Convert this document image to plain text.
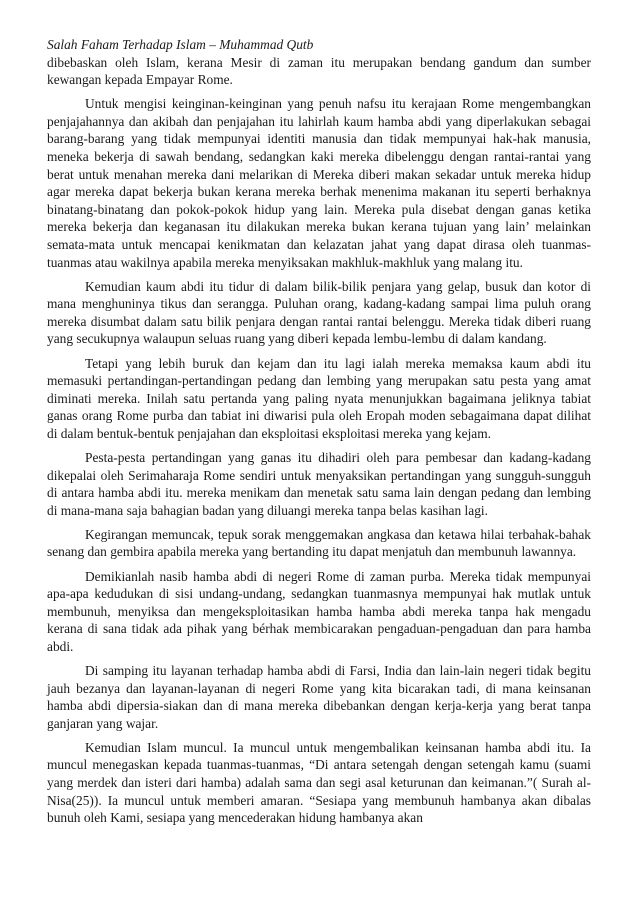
Salah Faham Terhadap Islam – Muhammad Qutb

dibebaskan oleh Islam, kerana Mesir di zaman itu merupakan bendang gandum dan sumber kewangan kepada Empayar Rome.

Untuk mengisi keinginan-keinginan yang penuh nafsu itu kerajaan Rome mengembangkan penjajahannya dan akibah dan penjajahan itu lahirlah kaum hamba abdi yang diperlakukan sebagai barang-barang yang tidak mempunyai identiti manusia dan tidak mempunyai hak-hak manusia, meneka bekerja di sawah bendang, sedangkan kaki mereka dibelenggu dengan rantai-rantai yang berat untuk menahan mereka dani melarikan di Mereka diberi makan sekadar untuk mereka hidup agar mereka dapat bekerja bukan kerana mereka berhak menenima makanan itu seperti berhaknya binatang-binatang dan pokok-pokok hidup yang lain. Mereka pula disebat dengan ganas ketika mereka bekerja dan keganasan itu dilakukan mereka bukan kerana tujuan yang lain’ melainkan semata-mata untuk mencapai kenikmatan dan kelazatan jahat yang dapat dirasa oleh tuanmas-tuanmas atau wakilnya apabila mereka menyiksakan makhluk-makhluk yang malang itu.

Kemudian kaum abdi itu tidur di dalam bilik-bilik penjara yang gelap, busuk dan kotor di mana menghuninya tikus dan serangga. Puluhan orang, kadang-kadang sampai lima puluh orang mereka disumbat dalam satu bilik penjara dengan rantai rantai belenggu. Mereka tidak diberi ruang yang secukupnya walaupun seluas ruang yang diberi kepada lembu-lembu di dalam kandang.

Tetapi yang lebih buruk dan kejam dan itu lagi ialah mereka memaksa kaum abdi itu memasuki pertandingan-pertandingan pedang dan lembing yang merupakan satu pesta yang amat diminati mereka. Inilah satu pertanda yang paling nyata menunjukkan bagaimana jeliknya tabiat ganas orang Rome purba dan tabiat ini diwarisi pula oleh Eropah moden sebagaimana dapat dilihat di dalam bentuk-bentuk penjajahan dan eksploitasi eksploitasi mereka yang kejam.

Pesta-pesta pertandingan yang ganas itu dihadiri oleh para pembesar dan kadang-kadang dikepalai oleh Serimaharaja Rome sendiri untuk menyaksikan pertandingan yang sungguh-sungguh di antara hamba abdi itu. mereka menikam dan menetak satu sama lain dengan pedang dan lembing di mana-mana saja bahagian badan yang diluangi mereka tanpa belas kasihan lagi.

Kegirangan memuncak, tepuk sorak menggemakan angkasa dan ketawa hilai terbahak-bahak senang dan gembira apabila mereka yang bertanding itu dapat menjatuh dan membunuh lawannya.

Demikianlah nasib hamba abdi di negeri Rome di zaman purba. Mereka tidak mempunyai apa-apa kedudukan di sisi undang-undang, sedangkan tuanmasnya mempunyai hak mutlak untuk membunuh, menyiksa dan mengeksploitasikan hamba hamba abdi mereka tanpa hak mengadu kerana di sana tidak ada pihak yang bérhak membicarakan pengaduan-pengaduan dan para hamba abdi.

Di samping itu layanan terhadap hamba abdi di Farsi, India dan lain-lain negeri tidak begitu jauh bezanya dan layanan-layanan di negeri Rome yang kita bicarakan tadi, di mana keinsanan hamba abdi dipersia-siakan dan di mana mereka dibebankan dengan kerja-kerja yang berat tanpa ganjaran yang wajar.

Kemudian Islam muncul. Ia muncul untuk mengembalikan keinsanan hamba abdi itu. Ia muncul menegaskan kepada tuanmas-tuanmas, “Di antara setengah dengan setengah kamu (suami yang merdek dan isteri dari hamba) adalah sama dan segi asal keturunan dan keimanan.”( Surah al-Nisa(25)). Ia muncul untuk memberi amaran. “Sesiapa yang membunuh hambanya akan dibalas bunuh oleh Kami, sesiapa yang mencederakan hidung hambanya akan
